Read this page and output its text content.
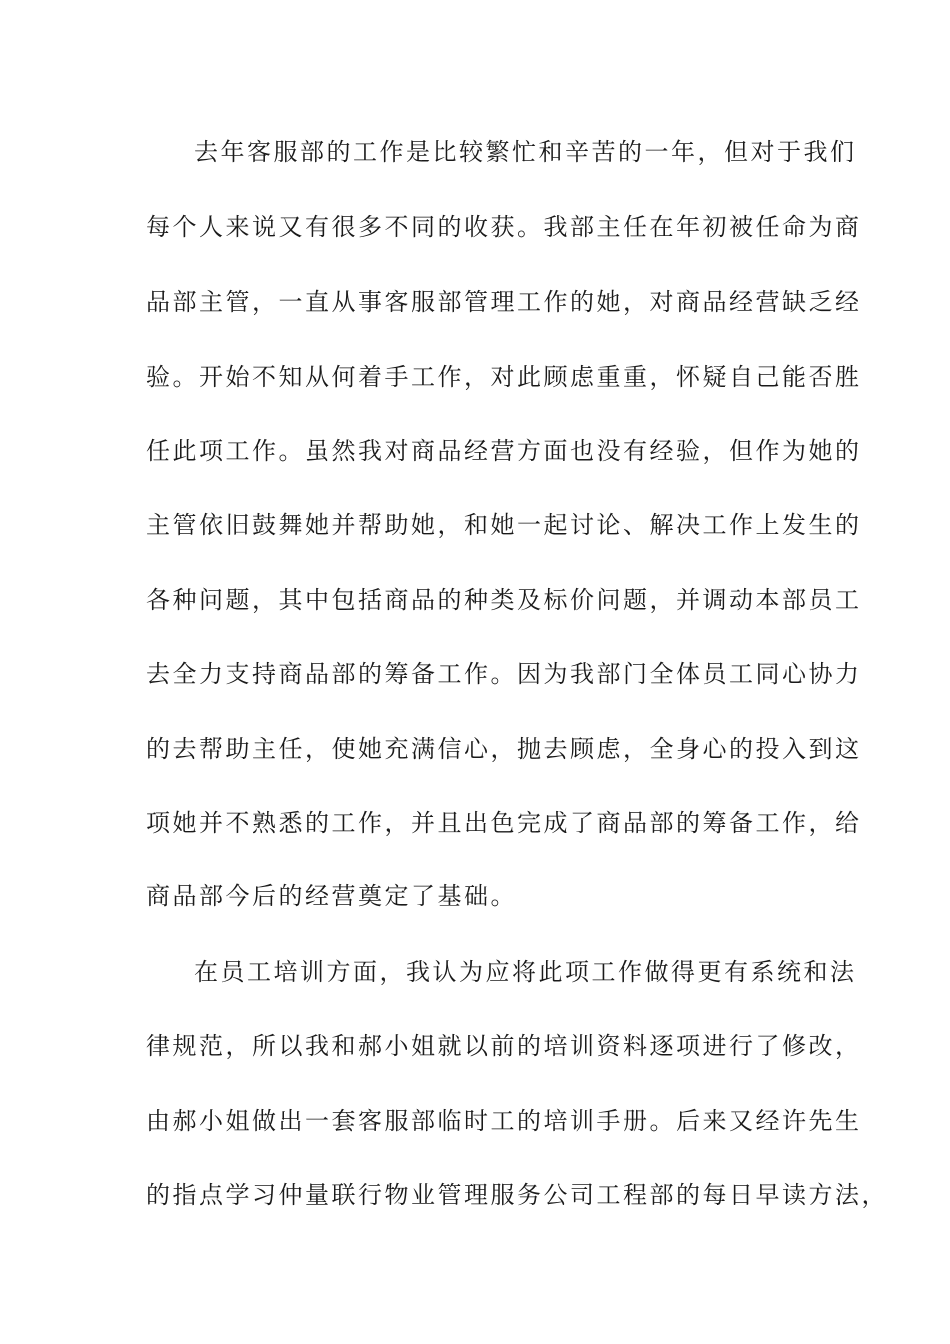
去年客服部的工作是比较繁忙和辛苦的一年，但对于我们
每个人来说又有很多不同的收获。我部主任在年初被任命为商
品部主管，一直从事客服部管理工作的她，对商品经营缺乏经
验。开始不知从何着手工作，对此顾虑重重，怀疑自己能否胜
任此项工作。虽然我对商品经营方面也没有经验，但作为她的
主管依旧鼓舞她并帮助她，和她一起讨论、解决工作上发生的
各种问题，其中包括商品的种类及标价问题，并调动本部员工
去全力支持商品部的筹备工作。因为我部门全体员工同心协力
的去帮助主任，使她充满信心，抛去顾虑，全身心的投入到这
项她并不熟悉的工作，并且出色完成了商品部的筹备工作，给
商品部今后的经营奠定了基础。
在员工培训方面，我认为应将此项工作做得更有系统和法
律规范，所以我和郝小姐就以前的培训资料逐项进行了修改，
由郝小姐做出一套客服部临时工的培训手册。后来又经许先生
的指点学习仲量联行物业管理服务公司工程部的每日早读方法，
